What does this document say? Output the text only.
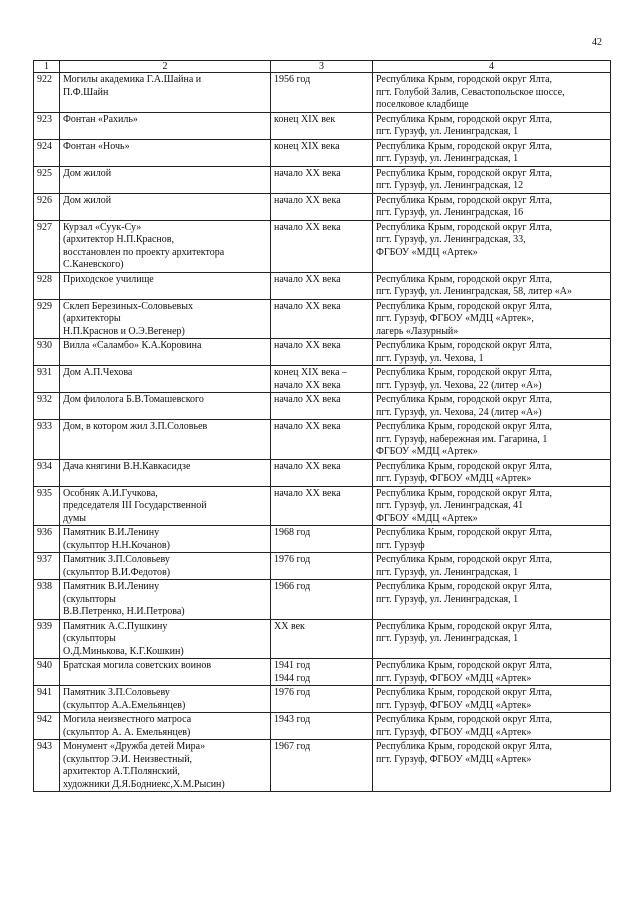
42
1	2	3	4
922	Могилы академика Г.А.Шайна и
П.Ф.Шайн	1956 год	Республика Крым, городской округ Ялта,
пгт. Голубой Залив, Севастопольское шоссе,
поселковое кладбище
923	Фонтан «Рахиль»	конец XIX век	Республика Крым, городской округ Ялта,
пгт. Гурзуф, ул. Ленинградская, 1
924	Фонтан «Ночь»	конец XIX века	Республика Крым, городской округ Ялта,
пгт. Гурзуф, ул. Ленинградская, 1
925	Дом жилой	начало XX века	Республика Крым, городской округ Ялта,
пгт. Гурзуф, ул. Ленинградская, 12
926	Дом жилой	начало XX века	Республика Крым, городской округ Ялта,
пгт. Гурзуф, ул. Ленинградская, 16
927	Курзал «Суук-Су»
(архитектор Н.П.Краснов,
восстановлен по проекту архитектора
С.Каневского)	начало XX века	Республика Крым, городской округ Ялта,
пгт. Гурзуф, ул. Ленинградская, 33,
ФГБОУ «МДЦ «Артек»
928	Приходское училище	начало XX века	Республика Крым, городской округ Ялта,
пгт. Гурзуф, ул. Ленинградская, 58, литер «А»
929	Склеп Березиных-Соловьевых
(архитекторы
Н.П.Краснов и О.Э.Вегенер)	начало XX века	Республика Крым, городской округ Ялта,
пгт. Гурзуф, ФГБОУ «МДЦ «Артек»,
лагерь «Лазурный»
930	Вилла «Саламбо» К.А.Коровина	начало XX века	Республика Крым, городской округ Ялта,
пгт. Гурзуф, ул. Чехова, 1
931	Дом А.П.Чехова	конец XIX века –
начало XX века	Республика Крым, городской округ Ялта,
пгт. Гурзуф, ул. Чехова, 22 (литер «А»)
932	Дом филолога Б.В.Томашевского	начало XX века	Республика Крым, городской округ Ялта,
пгт. Гурзуф, ул. Чехова, 24 (литер «А»)
933	Дом, в котором жил З.П.Соловьев	начало XX века	Республика Крым, городской округ Ялта,
пгт. Гурзуф, набережная им. Гагарина, 1
ФГБОУ «МДЦ «Артек»
934	Дача княгини В.Н.Кавкасидзе	начало XX века	Республика Крым, городской округ Ялта,
пгт. Гурзуф, ФГБОУ «МДЦ «Артек»
935	Особняк А.И.Гучкова,
председателя III Государственной
думы	начало XX века	Республика Крым, городской округ Ялта,
пгт. Гурзуф, ул. Ленинградская, 41
ФГБОУ «МДЦ «Артек»
936	Памятник В.И.Ленину
(скульптор Н.Н.Кочанов)	1968 год	Республика Крым, городской округ Ялта,
пгт. Гурзуф
937	Памятник З.П.Соловьеву
(скульптор В.И.Федотов)	1976 год	Республика Крым, городской округ Ялта,
пгт. Гурзуф, ул. Ленинградская, 1
938	Памятник В.И.Ленину
(скульпторы
В.В.Петренко, Н.И.Петрова)	1966 год	Республика Крым, городской округ Ялта,
пгт. Гурзуф, ул. Ленинградская, 1
939	Памятник А.С.Пушкину
(скульпторы
О.Д.Минькова, К.Г.Кошкин)	XX век	Республика Крым, городской округ Ялта,
пгт. Гурзуф, ул. Ленинградская, 1
940	Братская могила советских воинов	1941 год
1944 год	Республика Крым, городской округ Ялта,
пгт. Гурзуф, ФГБОУ «МДЦ «Артек»
941	Памятник З.П.Соловьеву
(скульптор А.А.Емельянцев)	1976 год	Республика Крым, городской округ Ялта,
пгт. Гурзуф, ФГБОУ «МДЦ «Артек»
942	Могила неизвестного матроса
(скульптор А. А. Емельянцев)	1943 год	Республика Крым, городской округ Ялта,
пгт. Гурзуф, ФГБОУ «МДЦ «Артек»
943	Монумент «Дружба детей Мира»
(скульптор Э.И. Неизвестный,
архитектор А.Т.Полянский,
художники Д.Я.Бодниекс,Х.М.Рысин)	1967 год	Республика Крым, городской округ Ялта,
пгт. Гурзуф, ФГБОУ «МДЦ «Артек»
